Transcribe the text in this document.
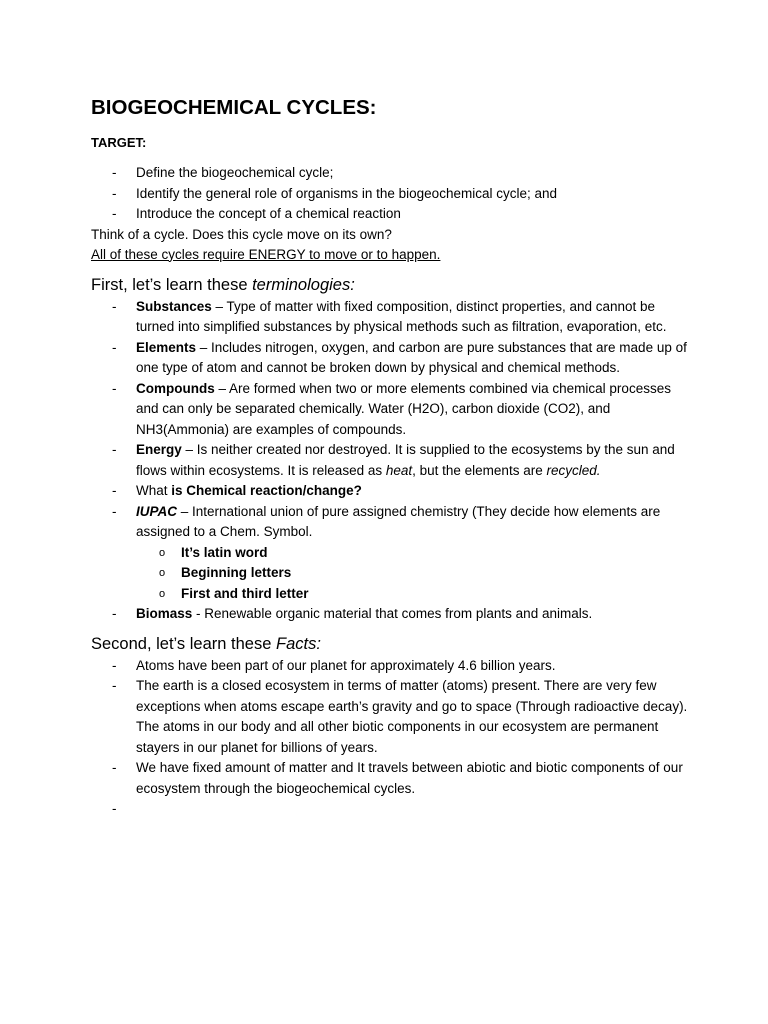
BIOGEOCHEMICAL CYCLES:
TARGET:
- Define the biogeochemical cycle;
- Identify the general role of organisms in the biogeochemical cycle; and
- Introduce the concept of a chemical reaction

Think of a cycle. Does this cycle move on its own?

All of these cycles require ENERGY to move or to happen.

First, let’s learn these terminologies:
- Substances – Type of matter with fixed composition, distinct properties, and cannot be turned into simplified substances by physical methods such as filtration, evaporation, etc.
- Elements – Includes nitrogen, oxygen, and carbon are pure substances that are made up of one type of atom and cannot be broken down by physical and chemical methods.
- Compounds – Are formed when two or more elements combined via chemical processes and can only be separated chemically. Water (H2O), carbon dioxide (CO2), and NH3(Ammonia) are examples of compounds.
- Energy – Is neither created nor destroyed. It is supplied to the ecosystems by the sun and flows within ecosystems. It is released as heat, but the elements are recycled.
- What is Chemical reaction/change?
- IUPAC – International union of pure assigned chemistry (They decide how elements are assigned to a Chem. Symbol.
o It’s latin word
o Beginning letters
o First and third letter
- Biomass - Renewable organic material that comes from plants and animals.
Second, let’s learn these Facts:
- Atoms have been part of our planet for approximately 4.6 billion years.
- The earth is a closed ecosystem in terms of matter (atoms) present. There are very few exceptions when atoms escape earth’s gravity and go to space (Through radioactive decay). The atoms in our body and all other biotic components in our ecosystem are permanent stayers in our planet for billions of years.
- We have fixed amount of matter and It travels between abiotic and biotic components of our ecosystem through the biogeochemical cycles.
-
